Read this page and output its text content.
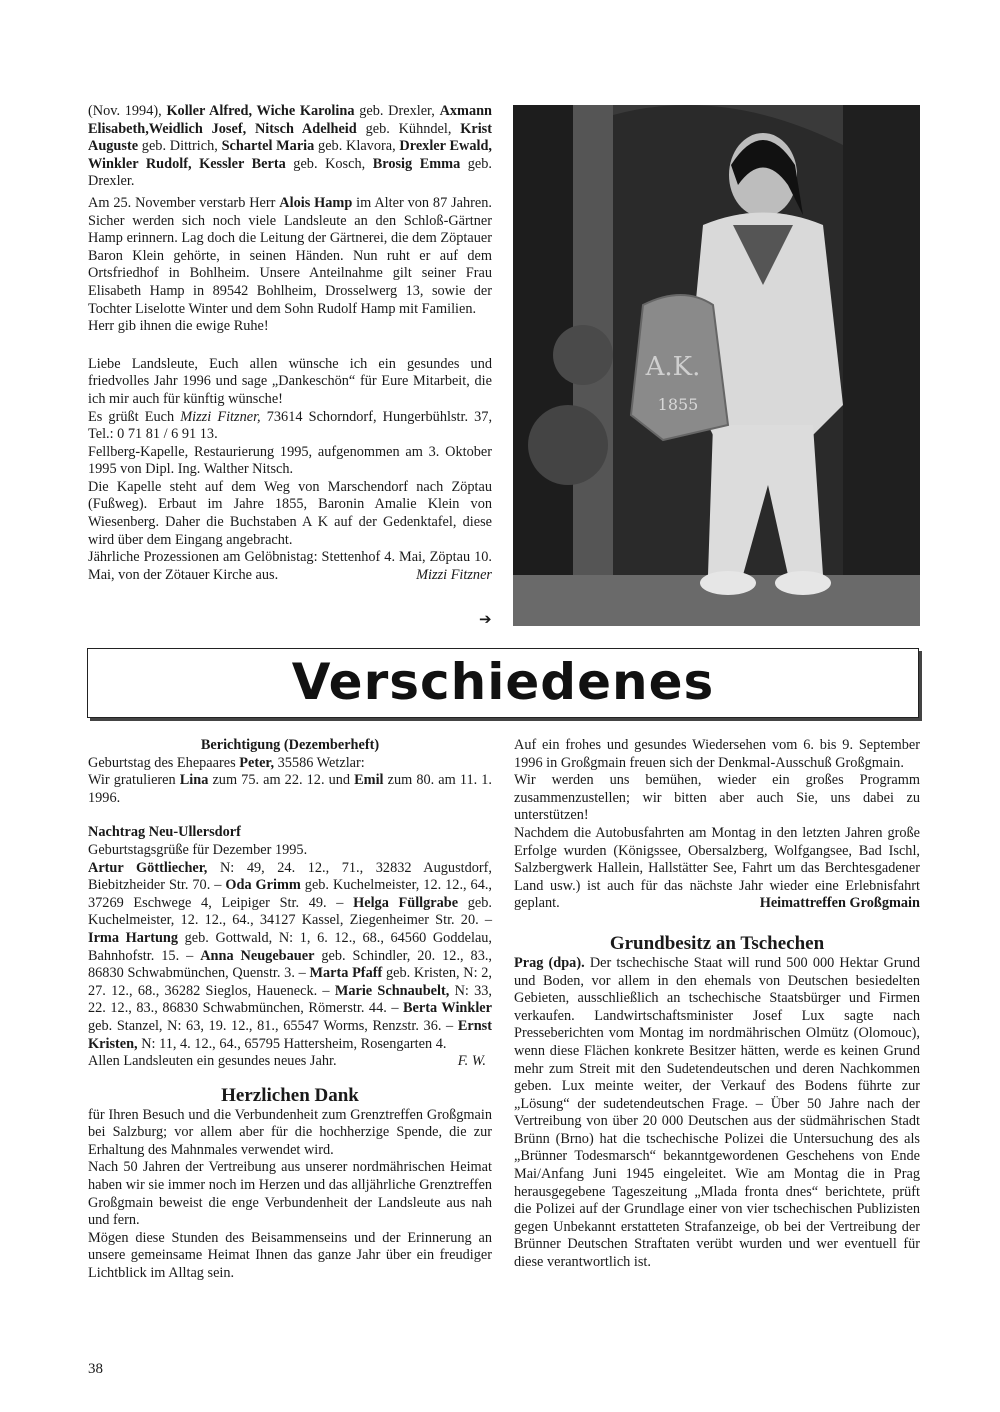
(Nov. 1994), Koller Alfred, Wiche Karolina geb. Drexler, Axmann Elisabeth,Weidlich Josef, Nitsch Adelheid geb. Kühndel, Krist Auguste geb. Dittrich, Schartel Maria geb. Klavora, Drexler Ewald, Winkler Rudolf, Kessler Berta geb. Kosch, Brosig Emma geb. Drexler.

Am 25. November verstarb Herr Alois Hamp im Alter von 87 Jahren. Sicher werden sich noch viele Landsleute an den Schloß-Gärtner Hamp erinnern. Lag doch die Leitung der Gärtnerei, die dem Zöptauer Baron Klein gehörte, in seinen Händen. Nun ruht er auf dem Ortsfriedhof in Bohlheim. Unsere Anteilnahme gilt seiner Frau Elisabeth Hamp in 89542 Bohlheim, Drosselwerg 13, sowie der Tochter Liselotte Winter und dem Sohn Rudolf Hamp mit Familien.

Herr gib ihnen die ewige Ruhe!

Liebe Landsleute, Euch allen wünsche ich ein gesundes und friedvolles Jahr 1996 und sage „Dankeschön“ für Eure Mitarbeit, die ich mir auch für künftig wünsche!

Es grüßt Euch Mizzi Fitzner, 73614 Schorndorf, Hungerbühlstr. 37, Tel.: 0 71 81 / 6 91 13.

Fellberg-Kapelle, Restaurierung 1995, aufgenommen am 3. Oktober 1995 von Dipl. Ing. Walther Nitsch.

Die Kapelle steht auf dem Weg von Marschendorf nach Zöptau (Fußweg). Erbaut im Jahre 1855, Baronin Amalie Klein von Wiesenberg. Daher die Buchstaben A K auf der Gedenktafel, diese wird über dem Eingang angebracht.

Jährliche Prozessionen am Gelöbnistag: Stettenhof 4. Mai, Zöptau 10. Mai, von der Zötauer Kirche aus.	Mizzi Fitzner

➔
A.K.
1855
Verschiedenes

Berichtigung (Dezemberheft)

Geburtstag des Ehepaares Peter, 35586 Wetzlar:

Wir gratulieren Lina zum 75. am 22. 12. und Emil zum 80. am 11. 1. 1996.

Nachtrag Neu-Ullersdorf

Geburtstagsgrüße für Dezember 1995.

Artur Göttliecher, N: 49, 24. 12., 71., 32832 Augustdorf, Biebitzheider Str. 70. – Oda Grimm geb. Kuchelmeister, 12. 12., 64., 37269 Eschwege 4, Leipiger Str. 49. – Helga Füllgrabe geb. Kuchelmeister, 12. 12., 64., 34127 Kassel, Ziegenheimer Str. 20. – Irma Hartung geb. Gottwald, N: 1, 6. 12., 68., 64560 Goddelau, Bahnhofstr. 15. – Anna Neugebauer geb. Schindler, 20. 12., 83., 86830 Schwabmünchen, Quenstr. 3. – Marta Pfaff geb. Kristen, N: 2, 27. 12., 68., 36282 Sieglos, Haueneck. – Marie Schnaubelt, N: 33, 22. 12., 83., 86830 Schwabmünchen, Römerstr. 44. – Berta Winkler geb. Stanzel, N: 63, 19. 12., 81., 65547 Worms, Renzstr. 36. – Ernst Kristen, N: 11, 4. 12., 64., 65795 Hattersheim, Rosengarten 4.

Allen Landsleuten ein gesundes neues Jahr.	F. W.

Herzlichen Dank

für Ihren Besuch und die Verbundenheit zum Grenztreffen Großgmain bei Salzburg; vor allem aber für die hochherzige Spende, die zur Erhaltung des Mahnmales verwendet wird.

Nach 50 Jahren der Vertreibung aus unserer nordmährischen Heimat haben wir sie immer noch im Herzen und das alljährliche Grenztreffen Großgmain beweist die enge Verbundenheit der Landsleute aus nah und fern.

Mögen diese Stunden des Beisammenseins und der Erinnerung an unsere gemeinsame Heimat Ihnen das ganze Jahr über ein freudiger Lichtblick im Alltag sein.

Auf ein frohes und gesundes Wiedersehen vom 6. bis 9. September 1996 in Großgmain freuen sich der Denkmal-Ausschuß Großgmain.

Wir werden uns bemühen, wieder ein großes Programm zusammenzustellen; wir bitten aber auch Sie, uns dabei zu unterstützen!

Nachdem die Autobusfahrten am Montag in den letzten Jahren große Erfolge wurden (Königssee, Obersalzberg, Wolfgangsee, Bad Ischl, Salzbergwerk Hallein, Hallstätter See, Fahrt um das Berchtesgadener Land usw.) ist auch für das nächste Jahr wieder eine Erlebnisfahrt geplant.	Heimattreffen Großgmain

Grundbesitz an Tschechen

Prag (dpa). Der tschechische Staat will rund 500 000 Hektar Grund und Boden, vor allem in den ehemals von Deutschen besiedelten Gebieten, ausschließlich an tschechische Staatsbürger und Firmen verkaufen. Landwirtschaftsminister Josef Lux sagte nach Presseberichten vom Montag im nordmährischen Olmütz (Olomouc), wenn diese Flächen konkrete Besitzer hätten, werde es keinen Grund mehr zum Streit mit den Sudetendeutschen und deren Nachkommen geben. Lux meinte weiter, der Verkauf des Bodens führte zur „Lösung“ der sudetendeutschen Frage. – Über 50 Jahre nach der Vertreibung von über 20 000 Deutschen aus der südmährischen Stadt Brünn (Brno) hat die tschechische Polizei die Untersuchung des als „Brünner Todesmarsch“ bekanntgewordenen Geschehens von Ende Mai/Anfang Juni 1945 eingeleitet. Wie am Montag die in Prag herausgegebene Tageszeitung „Mlada fronta dnes“ berichtete, prüft die Polizei auf der Grundlage einer von vier tschechischen Publizisten gegen Unbekannt erstatteten Strafanzeige, ob bei der Vertreibung der Brünner Deutschen Straftaten verübt wurden und wer eventuell für diese verantwortlich ist.

38
